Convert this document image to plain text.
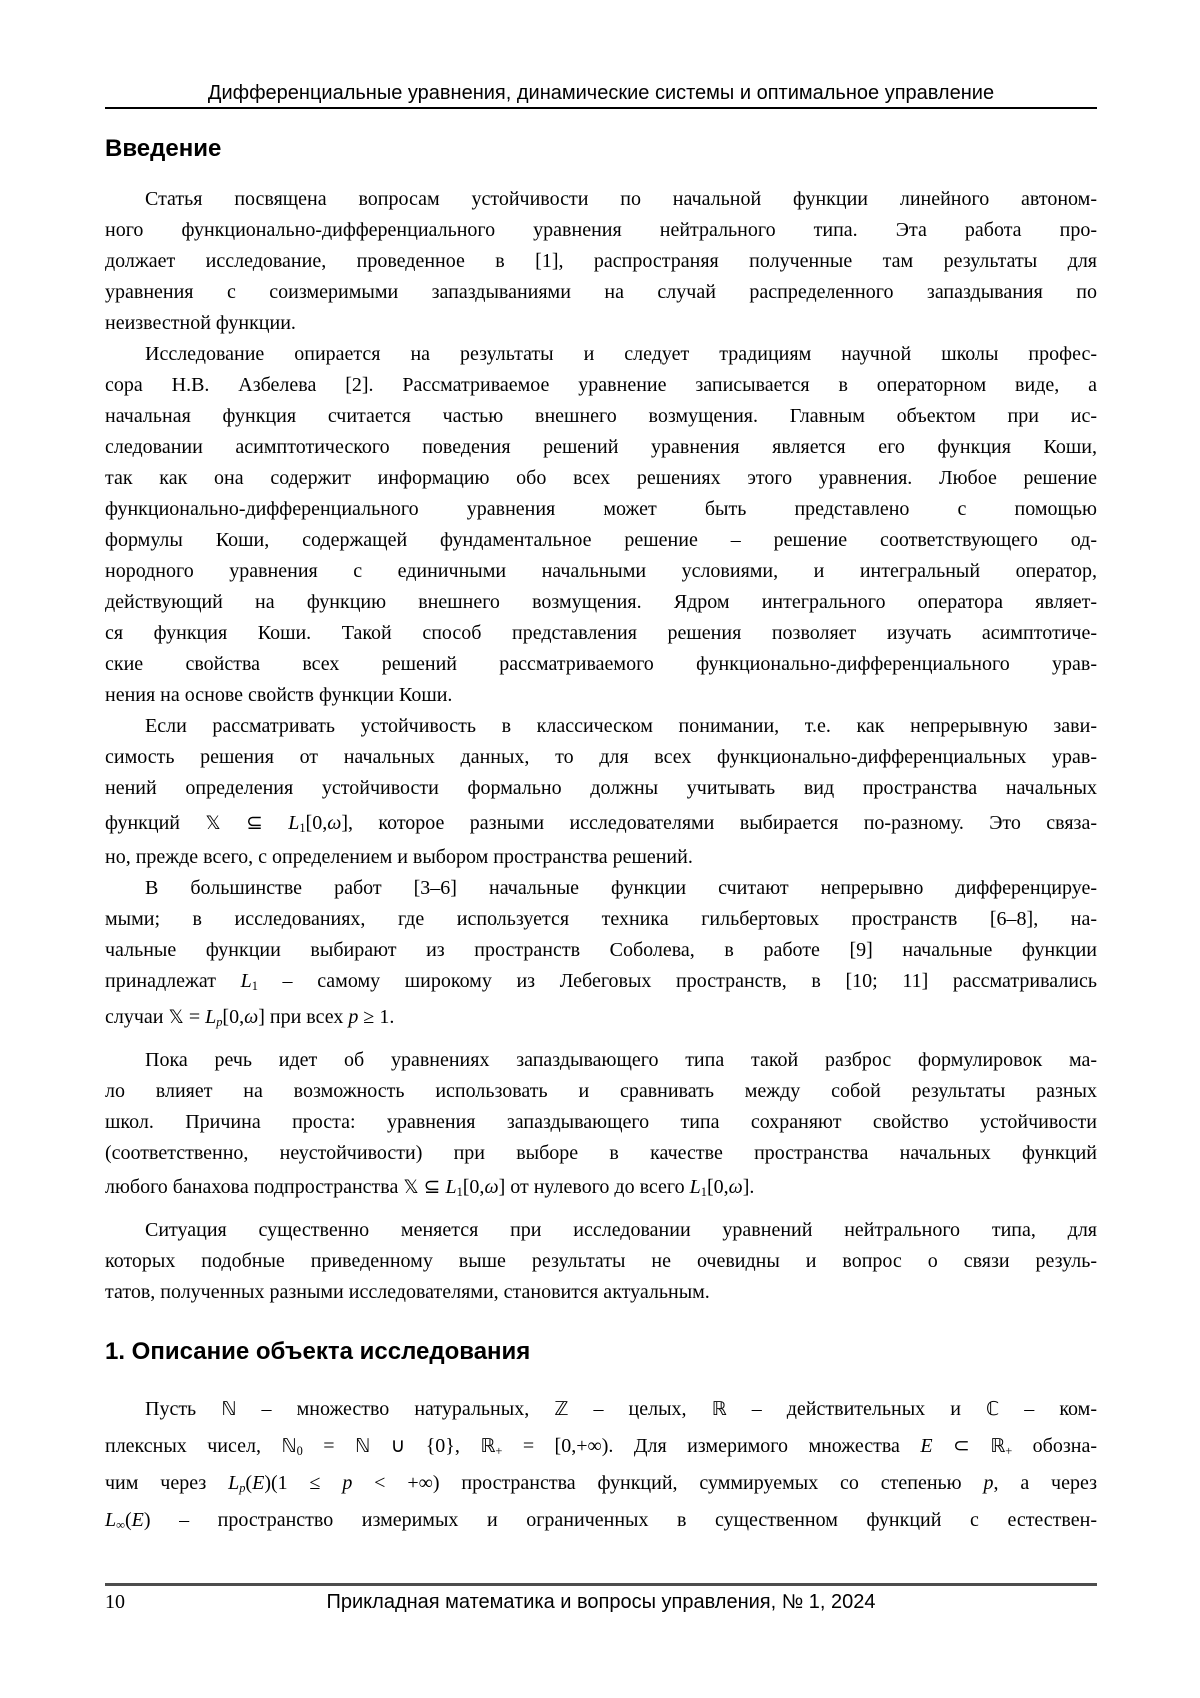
Дифференциальные уравнения, динамические системы и оптимальное управление
Введение
Статья посвящена вопросам устойчивости по начальной функции линейного автоном-
ного функционально-дифференциального уравнения нейтрального типа. Эта работа про-
должает исследование, проведенное в [1], распространяя полученные там результаты для
уравнения с соизмеримыми запаздываниями на случай распределенного запаздывания по
неизвестной функции.
Исследование опирается на результаты и следует традициям научной школы профес-
сора Н.В. Азбелева [2]. Рассматриваемое уравнение записывается в операторном виде, а
начальная функция считается частью внешнего возмущения. Главным объектом при ис-
следовании асимптотического поведения решений уравнения является его функция Коши,
так как она содержит информацию обо всех решениях этого уравнения. Любое решение
функционально-дифференциального уравнения может быть представлено с помощью
формулы Коши, содержащей фундаментальное решение – решение соответствующего од-
нородного уравнения с единичными начальными условиями, и интегральный оператор,
действующий на функцию внешнего возмущения. Ядром интегрального оператора являет-
ся функция Коши. Такой способ представления решения позволяет изучать асимптотиче-
ские свойства всех решений рассматриваемого функционально-дифференциального урав-
нения на основе свойств функции Коши.
Если рассматривать устойчивость в классическом понимании, т.е. как непрерывную зави-
симость решения от начальных данных, то для всех функционально-дифференциальных урав-
нений определения устойчивости формально должны учитывать вид пространства начальных
функций 𝕏 ⊆ $L_1[0,\omega]$, которое разными исследователями выбирается по-разному. Это связа-
но, прежде всего, с определением и выбором пространства решений.
В большинстве работ [3–6] начальные функции считают непрерывно дифференцируе-
мыми; в исследованиях, где используется техника гильбертовых пространств [6–8], на-
чальные функции выбирают из пространств Соболева, в работе [9] начальные функции
принадлежат $L_1$ – самому широкому из Лебеговых пространств, в [10; 11] рассматривались
случаи 𝕏 = $L_p[0,\omega]$ при всех p ≥ 1.
Пока речь идет об уравнениях запаздывающего типа такой разброс формулировок ма-
ло влияет на возможность использовать и сравнивать между собой результаты разных
школ. Причина проста: уравнения запаздывающего типа сохраняют свойство устойчивости
(соответственно, неустойчивости) при выборе в качестве пространства начальных функций
любого банахова подпространства 𝕏 ⊆ $L_1[0,\omega]$ от нулевого до всего $L_1[0,\omega]$.
Ситуация существенно меняется при исследовании уравнений нейтрального типа, для
которых подобные приведенному выше результаты не очевидны и вопрос о связи резуль-
татов, полученных разными исследователями, становится актуальным.
1. Описание объекта исследования
Пусть ℕ – множество натуральных, ℤ – целых, ℝ – действительных и ℂ – ком-
плексных чисел, ℕ$_0$ = ℕ ∪ {0}, ℝ$_+$ = [0,+∞). Для измеримого множества E ⊂ ℝ$_+$ обозна-
чим через $L_p(E)(1 \le p$ < +∞) пространства функций, суммируемых со степенью p, а через
$L_\infty(E)$ – пространство измеримых и ограниченных в существенном функций с естествен-
10	Прикладная математика и вопросы управления, № 1, 2024
